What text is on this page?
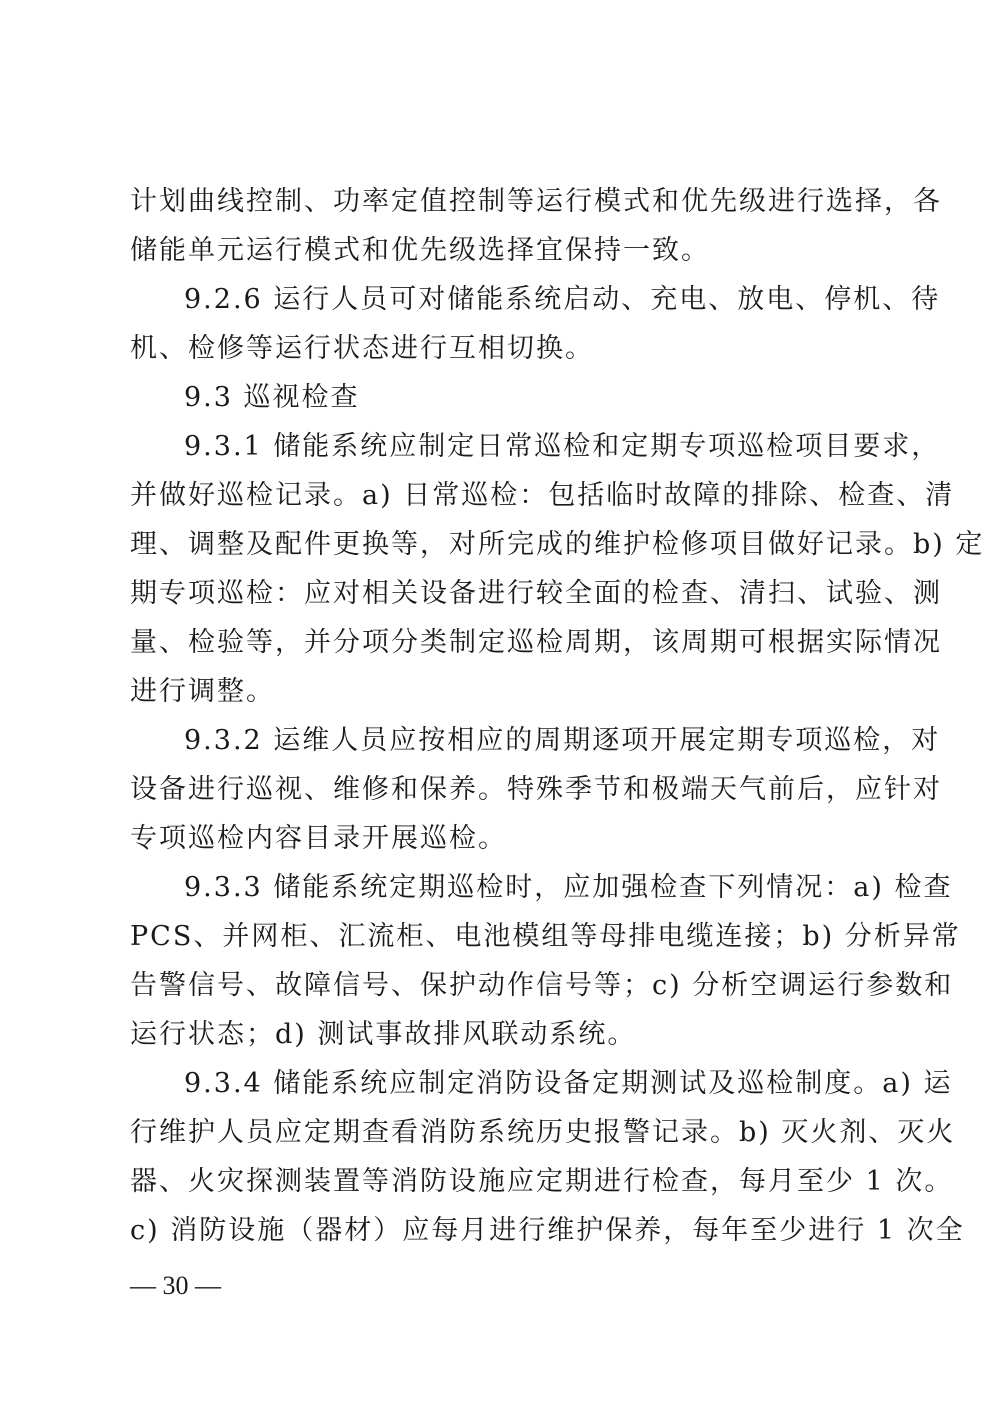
计划曲线控制、功率定值控制等运行模式和优先级进行选择，各
储能单元运行模式和优先级选择宜保持一致。
9.2.6 运行人员可对储能系统启动、充电、放电、停机、待
机、检修等运行状态进行互相切换。
9.3 巡视检查
9.3.1 储能系统应制定日常巡检和定期专项巡检项目要求，
并做好巡检记录。a) 日常巡检：包括临时故障的排除、检查、清
理、调整及配件更换等，对所完成的维护检修项目做好记录。b) 定
期专项巡检：应对相关设备进行较全面的检查、清扫、试验、测
量、检验等，并分项分类制定巡检周期，该周期可根据实际情况
进行调整。
9.3.2 运维人员应按相应的周期逐项开展定期专项巡检，对
设备进行巡视、维修和保养。特殊季节和极端天气前后，应针对
专项巡检内容目录开展巡检。
9.3.3 储能系统定期巡检时，应加强检查下列情况：a) 检查
PCS、并网柜、汇流柜、电池模组等母排电缆连接；b) 分析异常
告警信号、故障信号、保护动作信号等；c) 分析空调运行参数和
运行状态；d) 测试事故排风联动系统。
9.3.4 储能系统应制定消防设备定期测试及巡检制度。a) 运
行维护人员应定期查看消防系统历史报警记录。b) 灭火剂、灭火
器、火灾探测装置等消防设施应定期进行检查，每月至少 1 次。
c) 消防设施（器材）应每月进行维护保养，每年至少进行 1 次全
— 30 —
